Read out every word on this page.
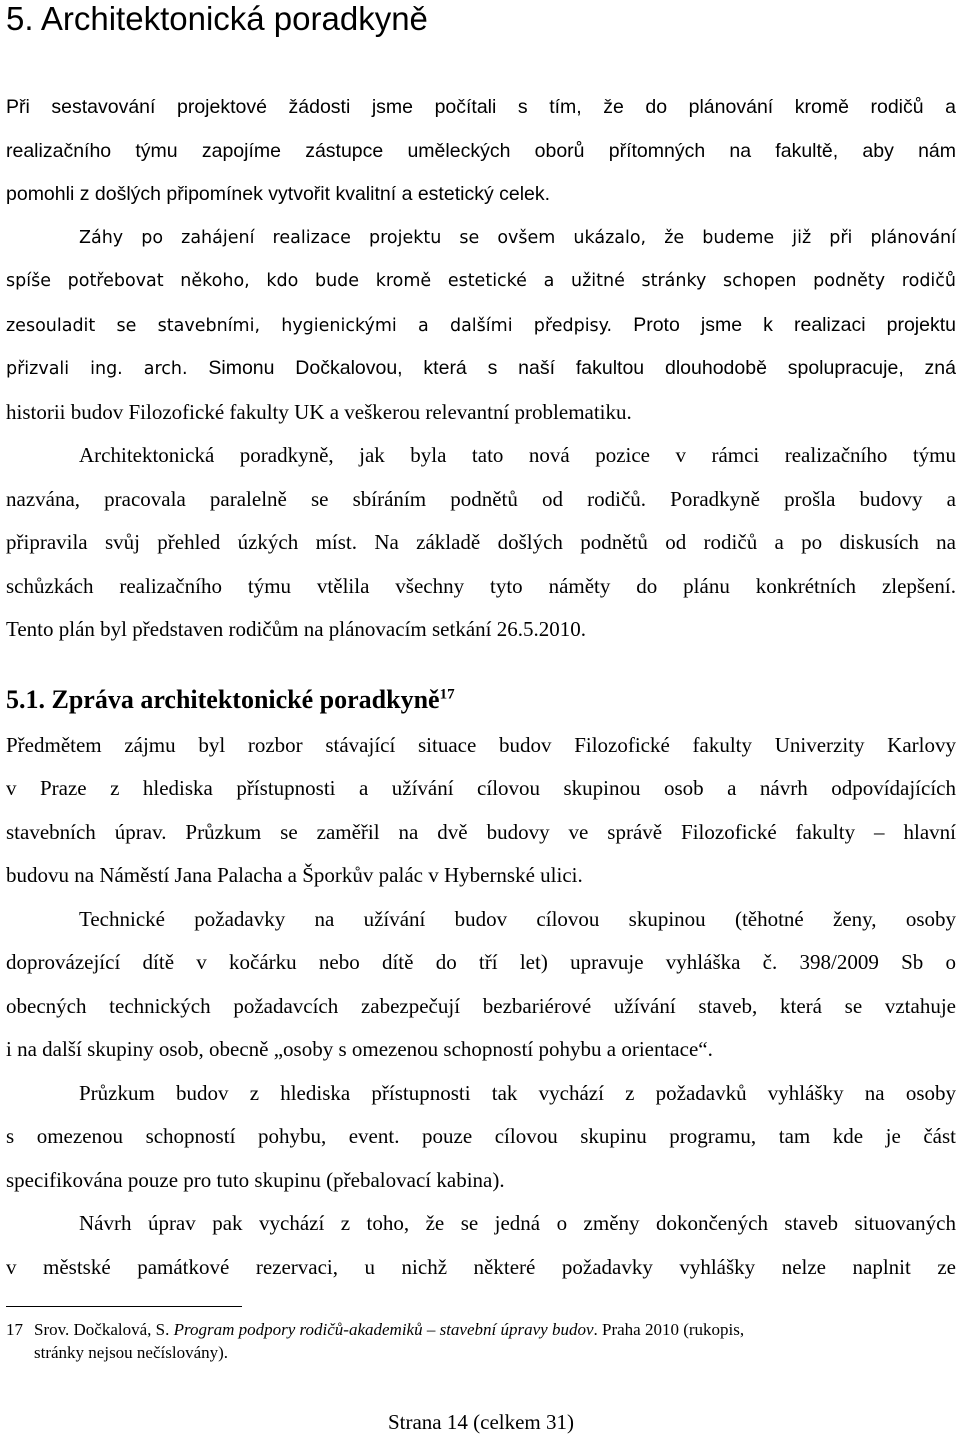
5. Architektonická poradkyně
Při sestavování projektové žádosti jsme počítali s tím, že do plánování kromě rodičů a
realizačního týmu zapojíme zástupce uměleckých oborů přítomných na fakultě, aby nám
pomohli z došlých připomínek vytvořit kvalitní a estetický celek.
Záhy po zahájení realizace projektu se ovšem ukázalo, že budeme již při plánování
spíše potřebovat někoho, kdo bude kromě estetické a užitné stránky schopen podněty rodičů
zesouladit se stavebními, hygienickými a dalšími předpisy. Proto jsme k realizaci projektu
přizvali ing. arch. Simonu Dočkalovou, která s naší fakultou dlouhodobě spolupracuje, zná
historii budov Filozofické fakulty UK a veškerou relevantní problematiku.
Architektonická poradkyně, jak byla tato nová pozice v rámci realizačního týmu
nazvána, pracovala paralelně se sbíráním podnětů od rodičů. Poradkyně prošla budovy a
připravila svůj přehled úzkých míst. Na základě došlých podnětů od rodičů a po diskusích na
schůzkách realizačního týmu vtělila všechny tyto náměty do plánu konkrétních zlepšení.
Tento plán byl představen rodičům na plánovacím setkání 26.5.2010.
5.1. Zpráva architektonické poradkyně$^{17}$
Předmětem zájmu byl rozbor stávající situace budov Filozofické fakulty Univerzity Karlovy
v Praze z hlediska přístupnosti a užívání cílovou skupinou osob a návrh odpovídajících
stavebních úprav. Průzkum se zaměřil na dvě budovy ve správě Filozofické fakulty – hlavní
budovu na Náměstí Jana Palacha a Šporkův palác v Hybernské ulici.
Technické požadavky na užívání budov cílovou skupinou (těhotné ženy, osoby
doprovázející dítě v kočárku nebo dítě do tří let) upravuje vyhláška č. 398/2009 Sb o
obecných technických požadavcích zabezpečují bezbariérové užívání staveb, která se vztahuje
i na další skupiny osob, obecně „osoby s omezenou schopností pohybu a orientace“.
Průzkum budov z hlediska přístupnosti tak vychází z požadavků vyhlášky na osoby
s omezenou schopností pohybu, event. pouze cílovou skupinu programu, tam kde je část
specifikována pouze pro tuto skupinu (přebalovací kabina).
Návrh úprav pak vychází z toho, že se jedná o změny dokončených staveb situovaných
v městské památkové rezervaci, u nichž některé požadavky vyhlášky nelze naplnit ze
17 Srov. Dočkalová, S. Program podpory rodičů-akademiků – stavební úpravy budov. Praha 2010 (rukopis,
stránky nejsou nečíslovány).
Strana 14 (celkem 31)
